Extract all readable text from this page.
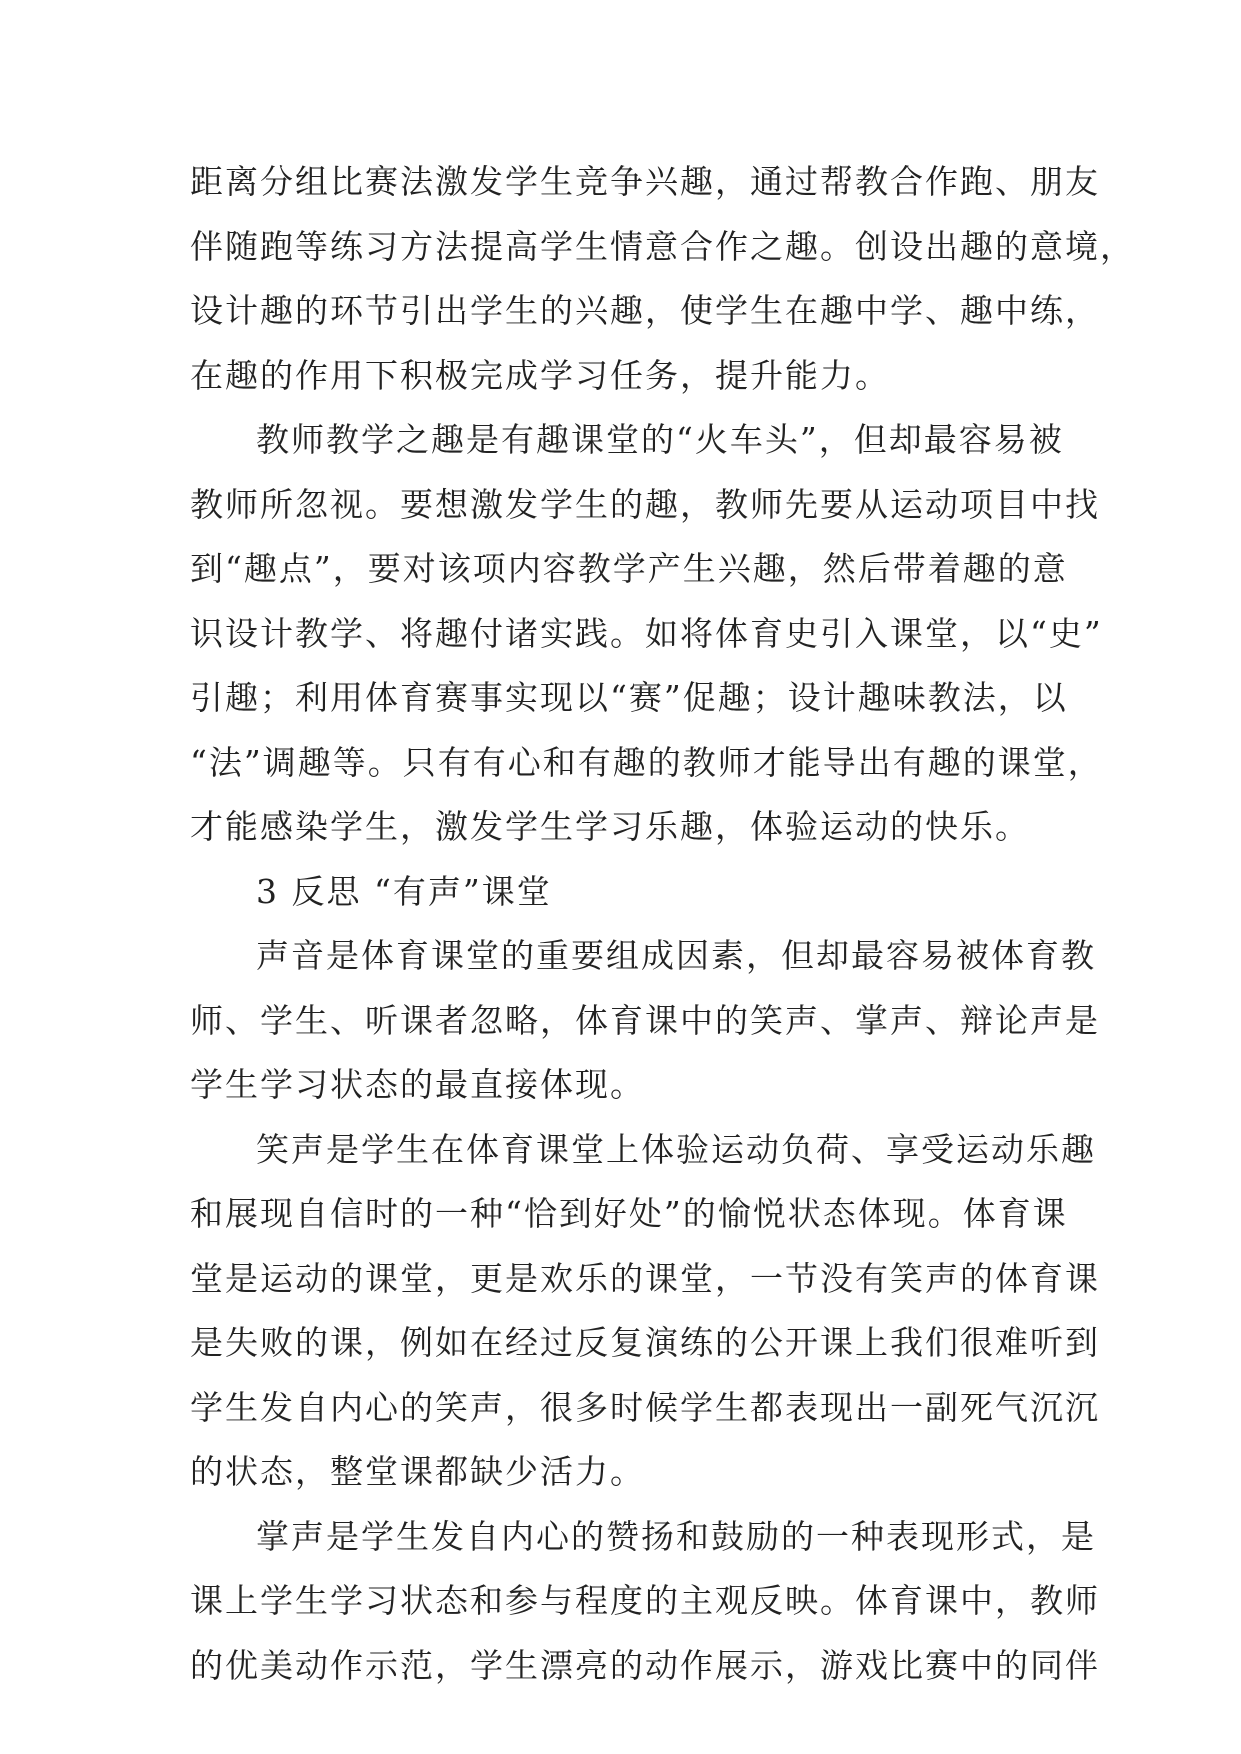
距离分组比赛法激发学生竞争兴趣，通过帮教合作跑、朋友
伴随跑等练习方法提高学生情意合作之趣。创设出趣的意境，
设计趣的环节引出学生的兴趣，使学生在趣中学、趣中练，
在趣的作用下积极完成学习任务，提升能力。
教师教学之趣是有趣课堂的“火车头”，但却最容易被
教师所忽视。要想激发学生的趣，教师先要从运动项目中找
到“趣点”，要对该项内容教学产生兴趣，然后带着趣的意
识设计教学、将趣付诸实践。如将体育史引入课堂，以“史”
引趣；利用体育赛事实现以“赛”促趣；设计趣味教法，以
“法”调趣等。只有有心和有趣的教师才能导出有趣的课堂，
才能感染学生，激发学生学习乐趣，体验运动的快乐。
3 反思 “有声”课堂
声音是体育课堂的重要组成因素，但却最容易被体育教
师、学生、听课者忽略，体育课中的笑声、掌声、辩论声是
学生学习状态的最直接体现。
笑声是学生在体育课堂上体验运动负荷、享受运动乐趣
和展现自信时的一种“恰到好处”的愉悦状态体现。体育课
堂是运动的课堂，更是欢乐的课堂，一节没有笑声的体育课
是失败的课，例如在经过反复演练的公开课上我们很难听到
学生发自内心的笑声，很多时候学生都表现出一副死气沉沉
的状态，整堂课都缺少活力。
掌声是学生发自内心的赞扬和鼓励的一种表现形式，是
课上学生学习状态和参与程度的主观反映。体育课中，教师
的优美动作示范，学生漂亮的动作展示，游戏比赛中的同伴
